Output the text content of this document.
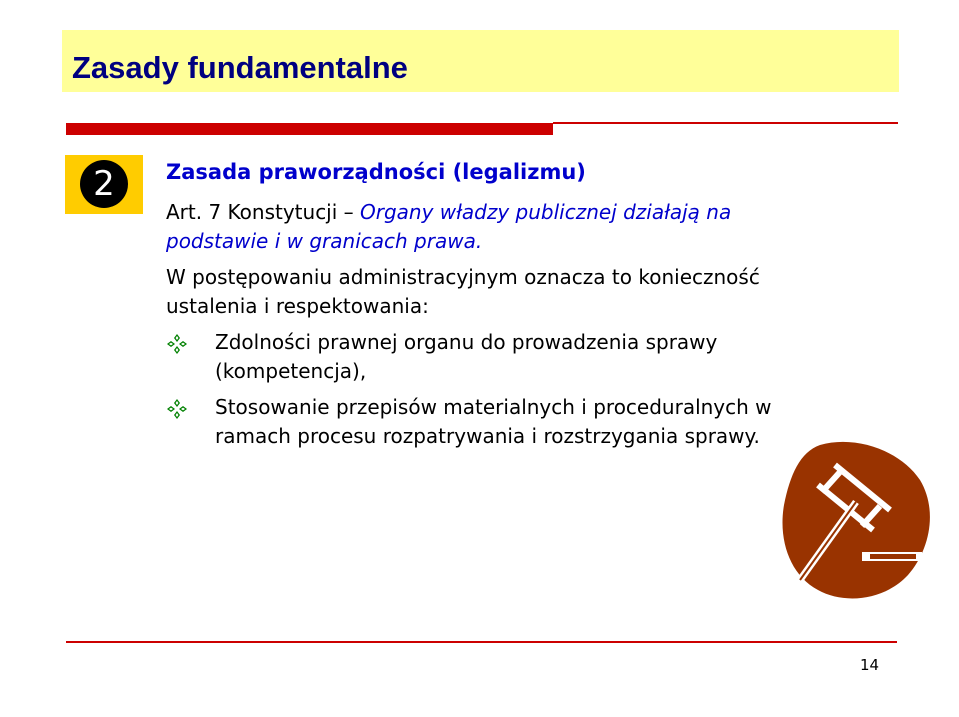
Zasady fundamentalne
2	Zasada praworządności (legalizmu)
Art. 7 Konstytucji – Organy władzy publicznej działają na podstawie i w granicach prawa.
W postępowaniu administracyjnym oznacza to konieczność ustalenia i respektowania:
Zdolności prawnej organu do prowadzenia sprawy (kompetencja),
Stosowanie przepisów materialnych i proceduralnych w ramach procesu rozpatrywania i rozstrzygania sprawy.
14
